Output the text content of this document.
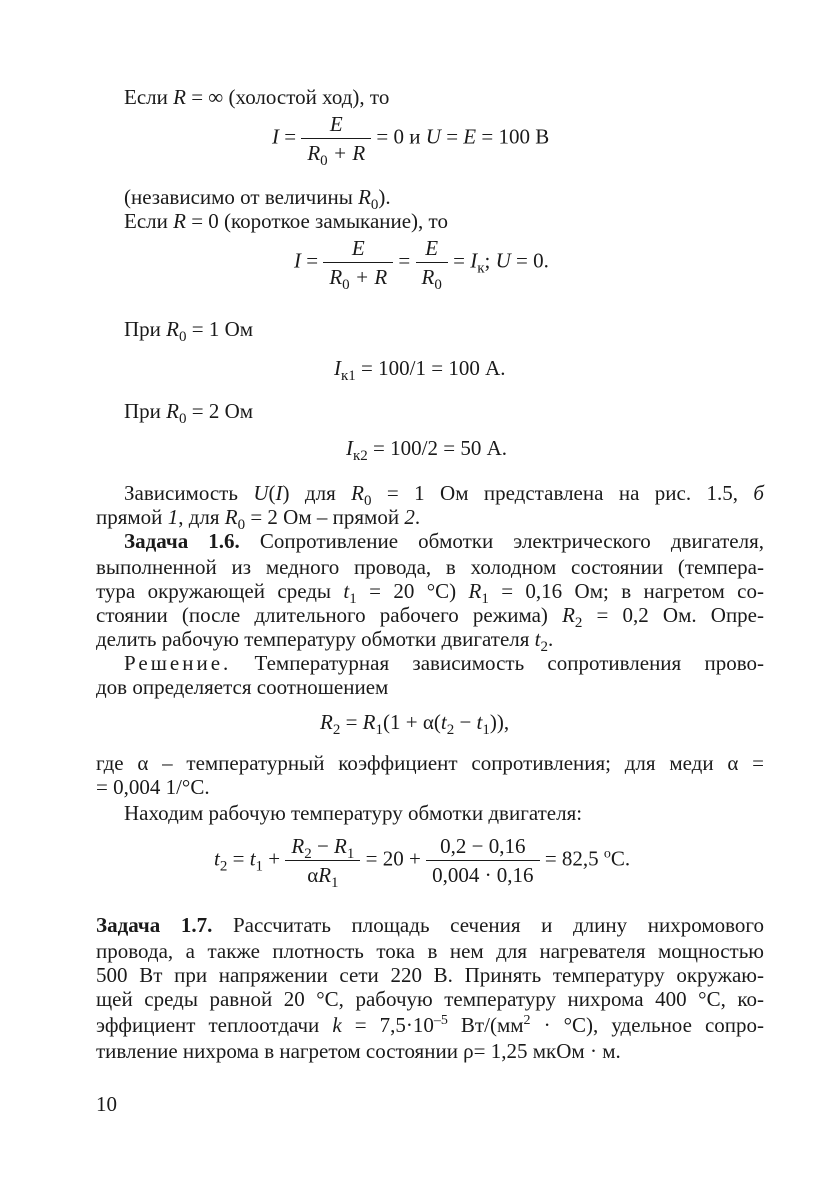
Если R = ∞ (холостой ход), то
$I = \frac{E}{R_0 + R} = 0$ и U = E = 100 В
(независимо от величины $R_0$).
Если R = 0 (короткое замыкание), то
$I = \frac{E}{R_0 + R} = \frac{E}{R_0} = I_к$; U = 0.
При $R_0 = 1$ Ом
$I_{к1} = 100/1 = 100$ А.
При $R_0 = 2$ Ом
$I_{к2} = 100/2 = 50$ А.
Зависимость U(I) для $R_0 = 1$ Ом представлена на рис. 1.5, б
прямой 1, для $R_0 = 2$ Ом – прямой 2.
Задача 1.6. Сопротивление обмотки электрического двигателя,
выполненной из медного провода, в холодном состоянии (темпера-
тура окружающей среды $t_1 = 20$ °С) $R_1 = 0,16$ Ом; в нагретом со-
стоянии (после длительного рабочего режима) $R_2 = 0,2$ Ом. Опре-
делить рабочую температуру обмотки двигателя $t_2$.
Решение. Температурная зависимость сопротивления прово-
дов определяется соотношением
$R_2 = R_1(1 + \alpha(t_2 - t_1))$,
где α – температурный коэффициент сопротивления; для меди α =
= 0,004 1/°С.
Находим рабочую температуру обмотки двигателя:
$t_2 = t_1 + \frac{R_2 - R_1}{\alpha R_1} = 20 + \frac{0,2 - 0,16}{0,004 \cdot 0,16} = 82,5$ $^o$С.
Задача 1.7. Рассчитать площадь сечения и длину нихромового
провода, а также плотность тока в нем для нагревателя мощностью
500 Вт при напряжении сети 220 В. Принять температуру окружаю-
щей среды равной 20 °С, рабочую температуру нихрома 400 °С, ко-
эффициент теплоотдачи $k = 7,5\cdot 10^{-5}$ $Вт/(мм^2 \cdot ^\circ С)$, удельное сопро-
тивление нихрома в нагретом состоянии ρ= 1,25 мкОм · м.
10
